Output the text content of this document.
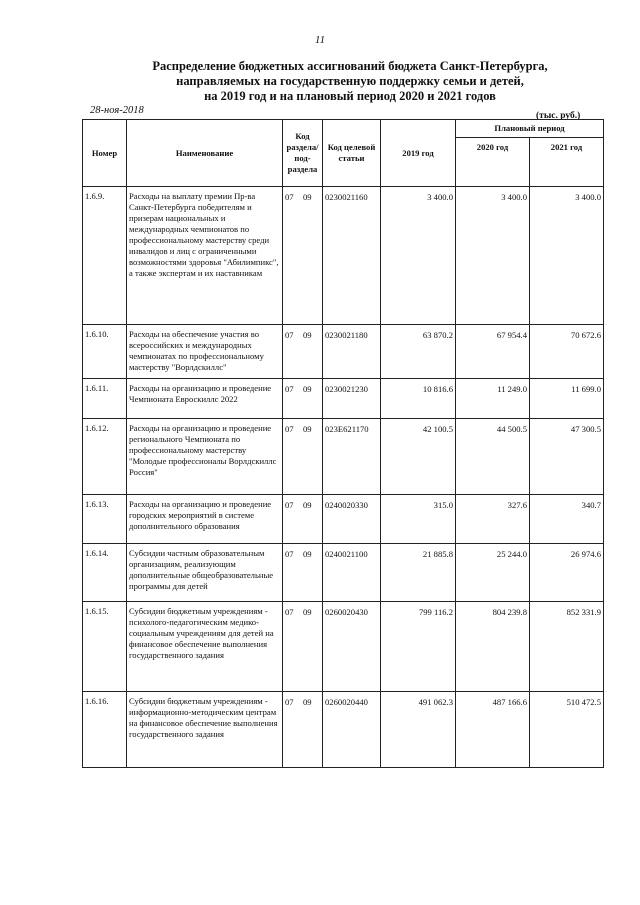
11
Распределение бюджетных ассигнований бюджета Санкт-Петербурга,
направляемых на государственную поддержку семьи и детей,
на 2019 год и на плановый период 2020 и 2021 годов
28-ноя-2018	(тыс. руб.)
Номер	Наименование	Код раздела/ под- раздела	Код целевой статьи	2019 год	Плановый период	
					2020 год	2021 год
1.6.9.	Расходы на выплату премии Пр-ва Санкт-Петербурга победителям и призерам национальных и международных чемпионатов по профессиональному мастерству среди инвалидов и лиц с ограниченными возможностями здоровья "Абилимпикс", а также экспертам и их наставникам	07 09	0230021160	3 400.0	3 400.0	3 400.0
1.6.10.	Расходы на обеспечение участия во всероссийских и международных чемпионатах по профессиональному мастерству "Ворлдскиллс"	07 09	0230021180	63 870.2	67 954.4	70 672.6
1.6.11.	Расходы на организацию и проведение Чемпионата Евроскиллс 2022	07 09	0230021230	10 816.6	11 249.0	11 699.0
1.6.12.	Расходы на организацию и проведение регионального Чемпионата по профессиональному мастерству "Молодые профессионалы Ворлдскиллс Россия"	07 09	023E621170	42 100.5	44 500.5	47 300.5
1.6.13.	Расходы на организацию и проведение городских мероприятий в системе дополнительного образования	07 09	0240020330	315.0	327.6	340.7
1.6.14.	Субсидии частным образовательным организациям, реализующим дополнительные общеобразовательные программы для детей	07 09	0240021100	21 885.8	25 244.0	26 974.6
1.6.15.	Субсидии бюджетным учреждениям - психолого-педагогическим медико-социальным учреждениям для детей на финансовое обеспечение выполнения государственного задания	07 09	0260020430	799 116.2	804 239.8	852 331.9
1.6.16.	Субсидии бюджетным учреждениям - информационно-методическим центрам на финансовое обеспечение выполнения государственного задания	07 09	0260020440	491 062.3	487 166.6	510 472.5
